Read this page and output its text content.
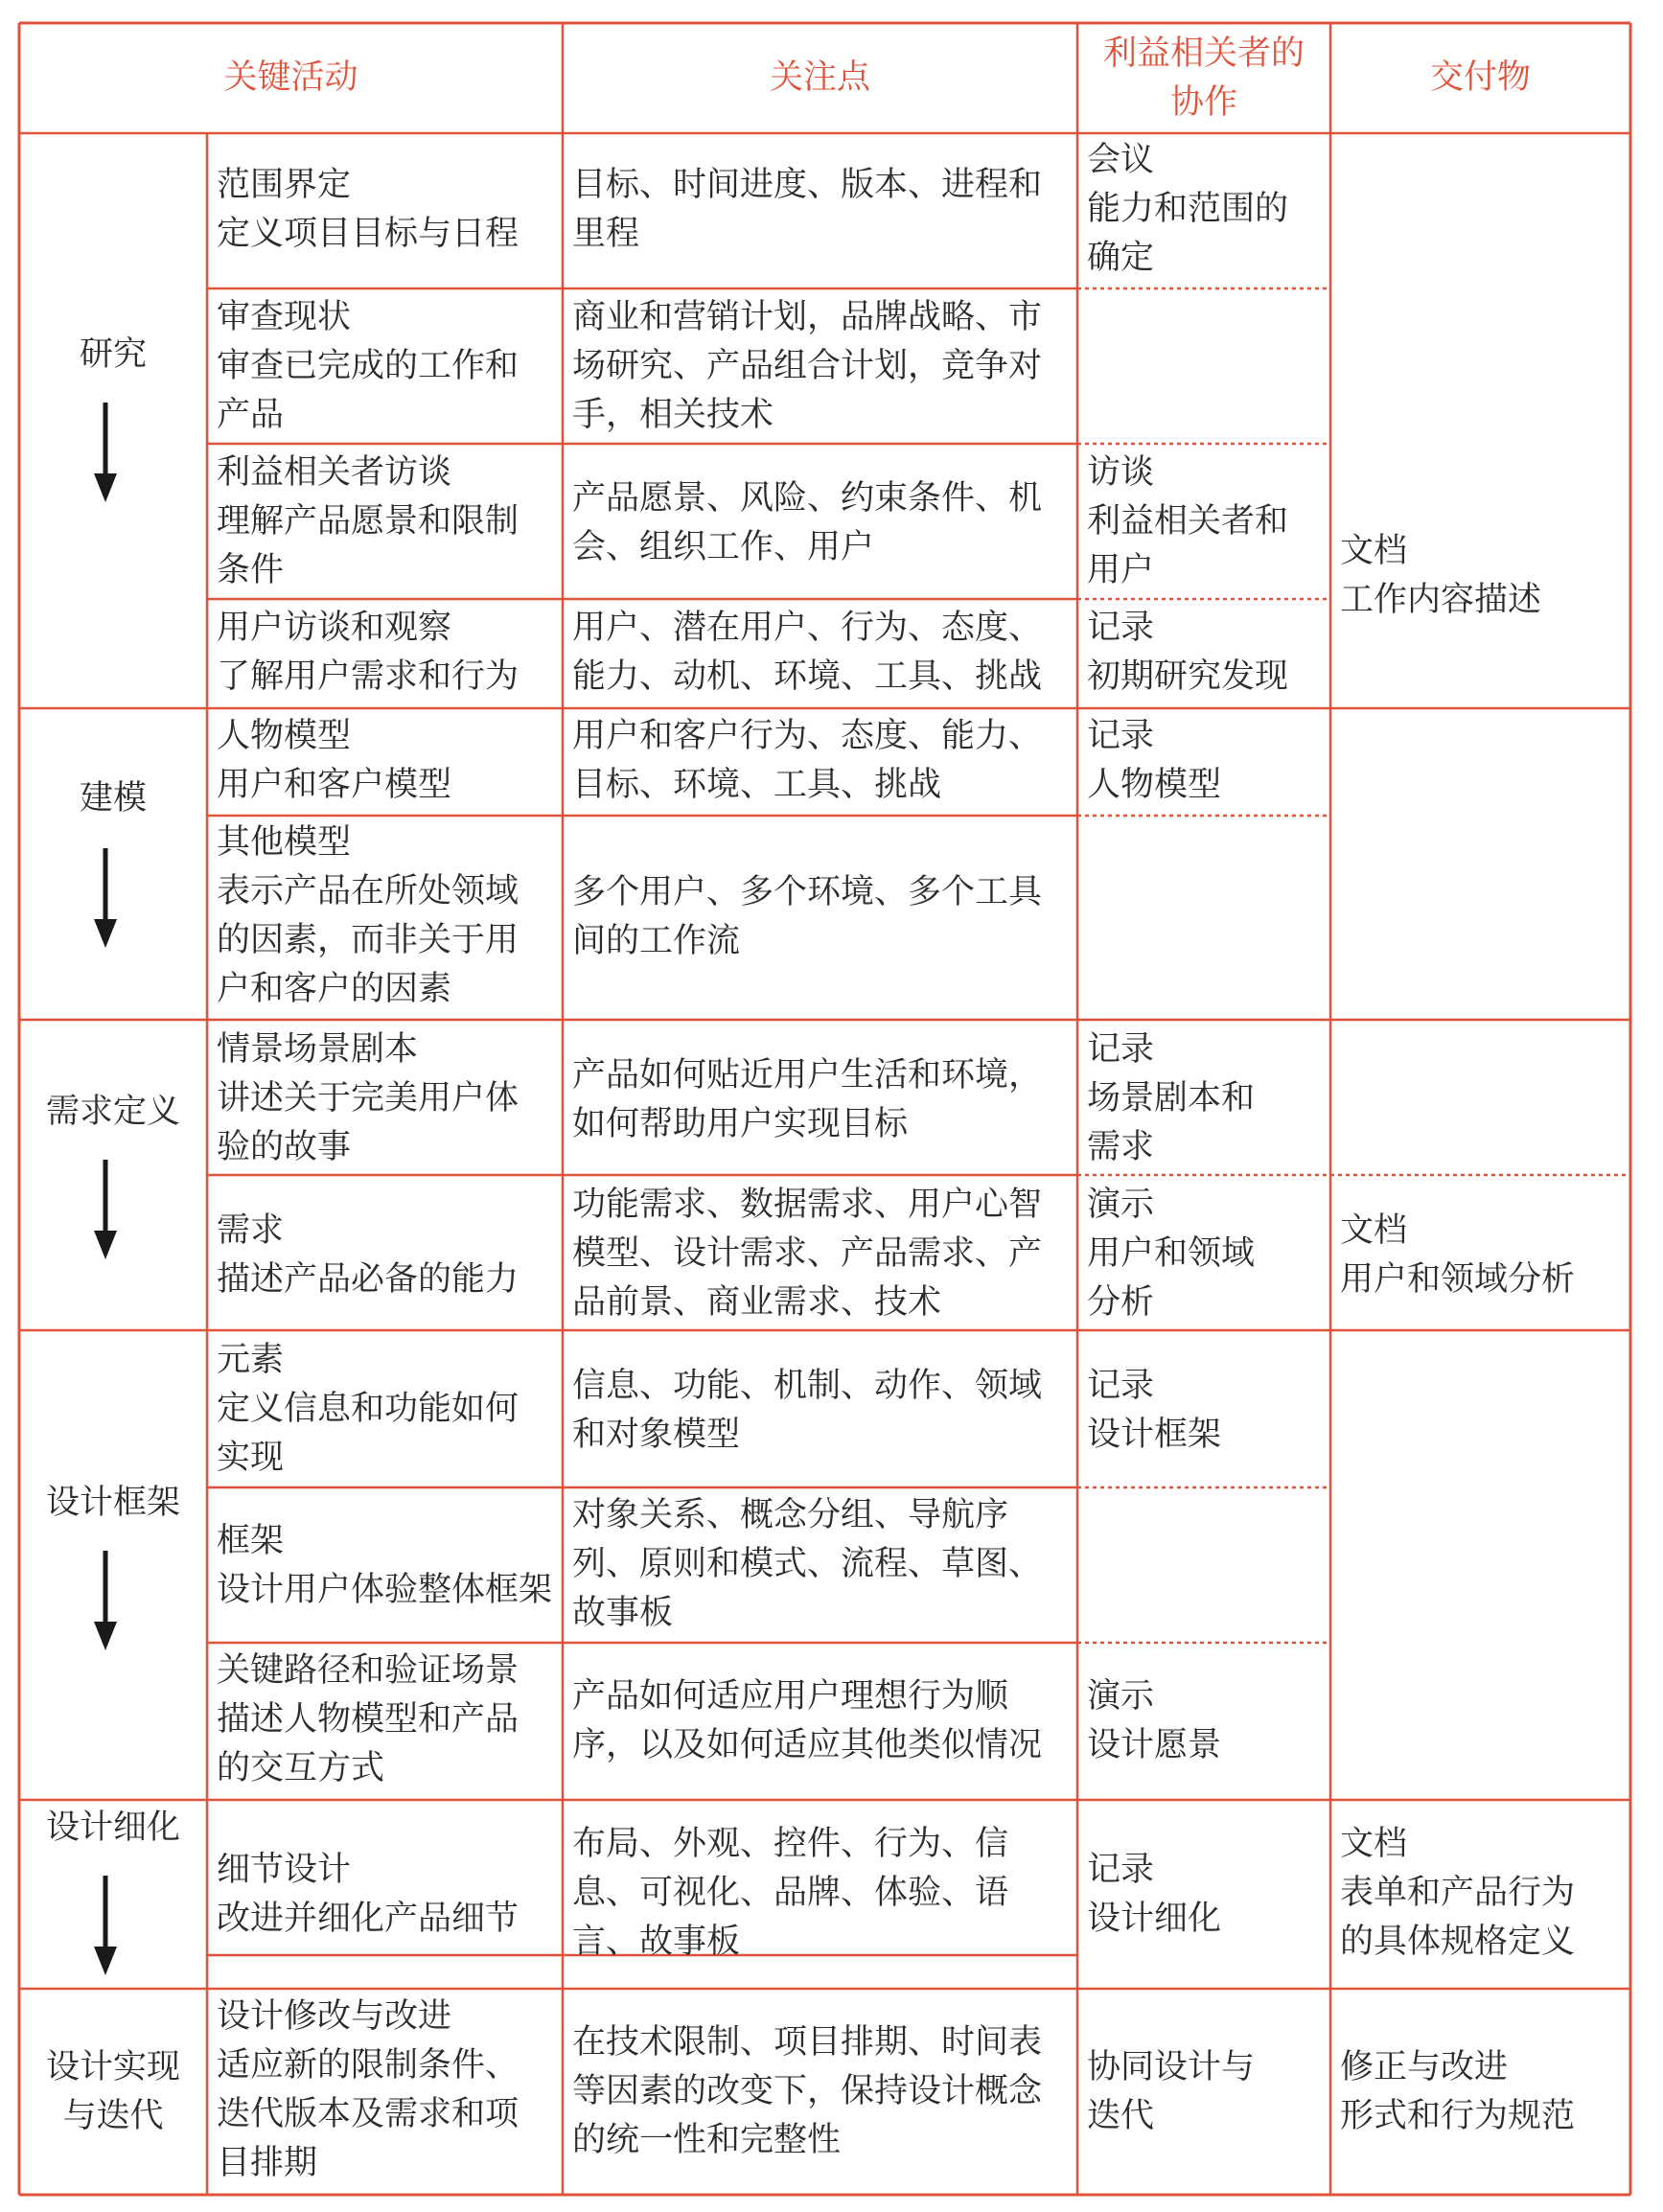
关键活动	关注点
利益相关者的
协作
交付物
研究
建模
需求定义
设计框架
设计细化
设计实现
与迭代
范围界定
定义项目目标与日程
目标、时间进度、版本、进程和
里程
会议
能力和范围的
确定
审查现状
审查已完成的工作和
产品
商业和营销计划，品牌战略、市
场研究、产品组合计划，竞争对
手，相关技术
利益相关者访谈
理解产品愿景和限制
条件
产品愿景、风险、约束条件、机
会、组织工作、用户
访谈
利益相关者和
用户
用户访谈和观察
了解用户需求和行为
用户、潜在用户、行为、态度、
能力、动机、环境、工具、挑战
记录
初期研究发现
人物模型
用户和客户模型
用户和客户行为、态度、能力、
目标、环境、工具、挑战
记录
人物模型
其他模型
表示产品在所处领域
的因素，而非关于用
户和客户的因素
多个用户、多个环境、多个工具
间的工作流
情景场景剧本
讲述关于完美用户体
验的故事
产品如何贴近用户生活和环境，
如何帮助用户实现目标
记录
场景剧本和
需求
需求
描述产品必备的能力
功能需求、数据需求、用户心智
模型、设计需求、产品需求、产
品前景、商业需求、技术
演示
用户和领域
分析
元素
定义信息和功能如何
实现
信息、功能、机制、动作、领域
和对象模型
记录
设计框架
框架
设计用户体验整体框架
对象关系、概念分组、导航序
列、原则和模式、流程、草图、
故事板
关键路径和验证场景
描述人物模型和产品
的交互方式
产品如何适应用户理想行为顺
序，以及如何适应其他类似情况
演示
设计愿景
细节设计
改进并细化产品细节
布局、外观、控件、行为、信
息、可视化、品牌、体验、语
言、故事板
记录
设计细化
设计修改与改进
适应新的限制条件、
迭代版本及需求和项
目排期
在技术限制、项目排期、时间表
等因素的改变下，保持设计概念
的统一性和完整性
协同设计与
迭代
文档
工作内容描述
文档
用户和领域分析
文档
表单和产品行为
的具体规格定义
修正与改进
形式和行为规范
